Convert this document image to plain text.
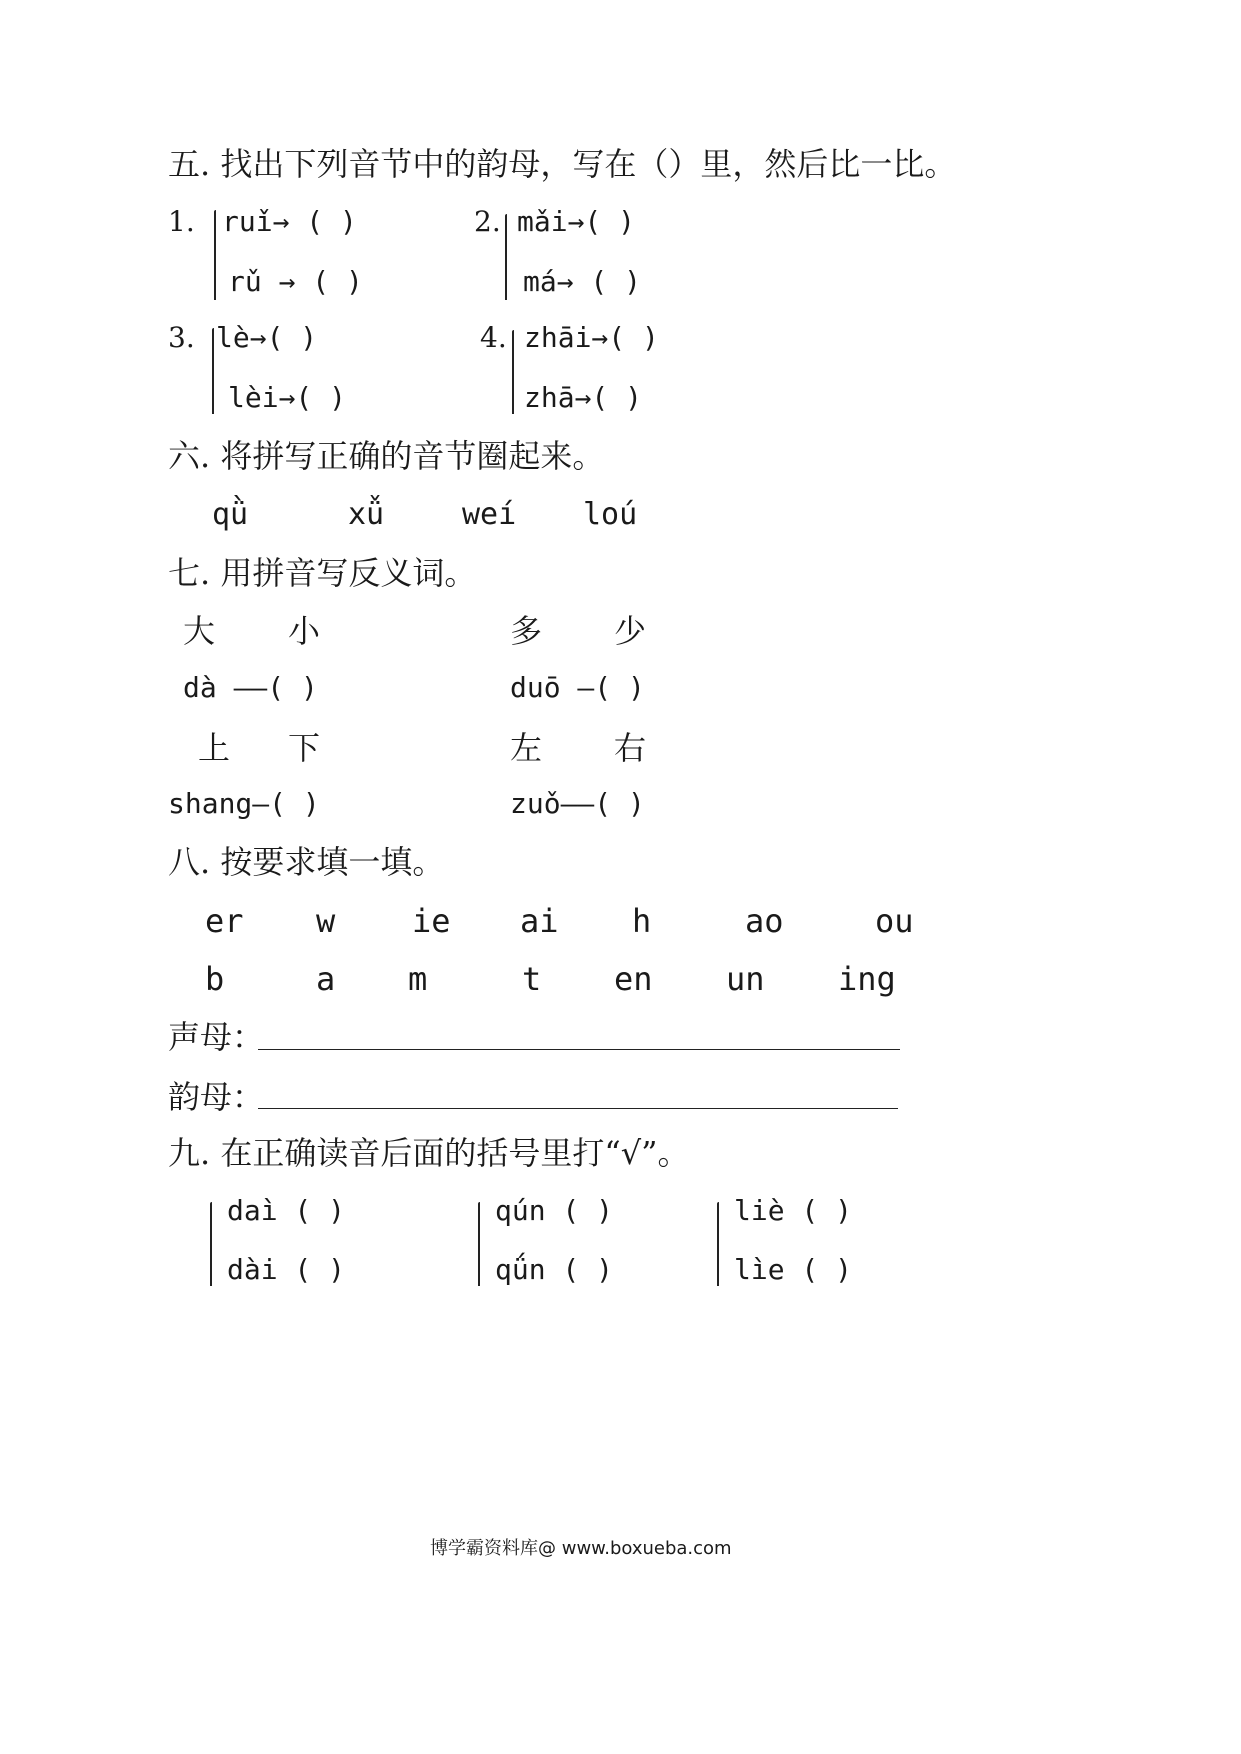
五. 找出下列音节中的韵母，写在（）里，然后比一比。
1. ruǐ→ ( )
rǔ → ( )
2. mǎi→( )
má→ ( )
3. lè→( )
lèi→( )
4. zhāi→( )
zhā→( )
六. 将拼写正确的音节圈起来。
qǜ	xǚ	weí loú
七. 用拼音写反义词。
大 小
dà ——( )
多 少
duō —( )
上 下
shang—( )
左 右
zuǒ——( )
八. 按要求填一填。
er w ie ai h	ao	ou
b	a m	t en un ing
声母：
韵母：
九. 在正确读音后面的括号里打“√”。
daì ( )
dài ( )
qún ( )
qǘn ( )
liè ( )
lìe ( )
博学霸资料库@ www.boxueba.com
